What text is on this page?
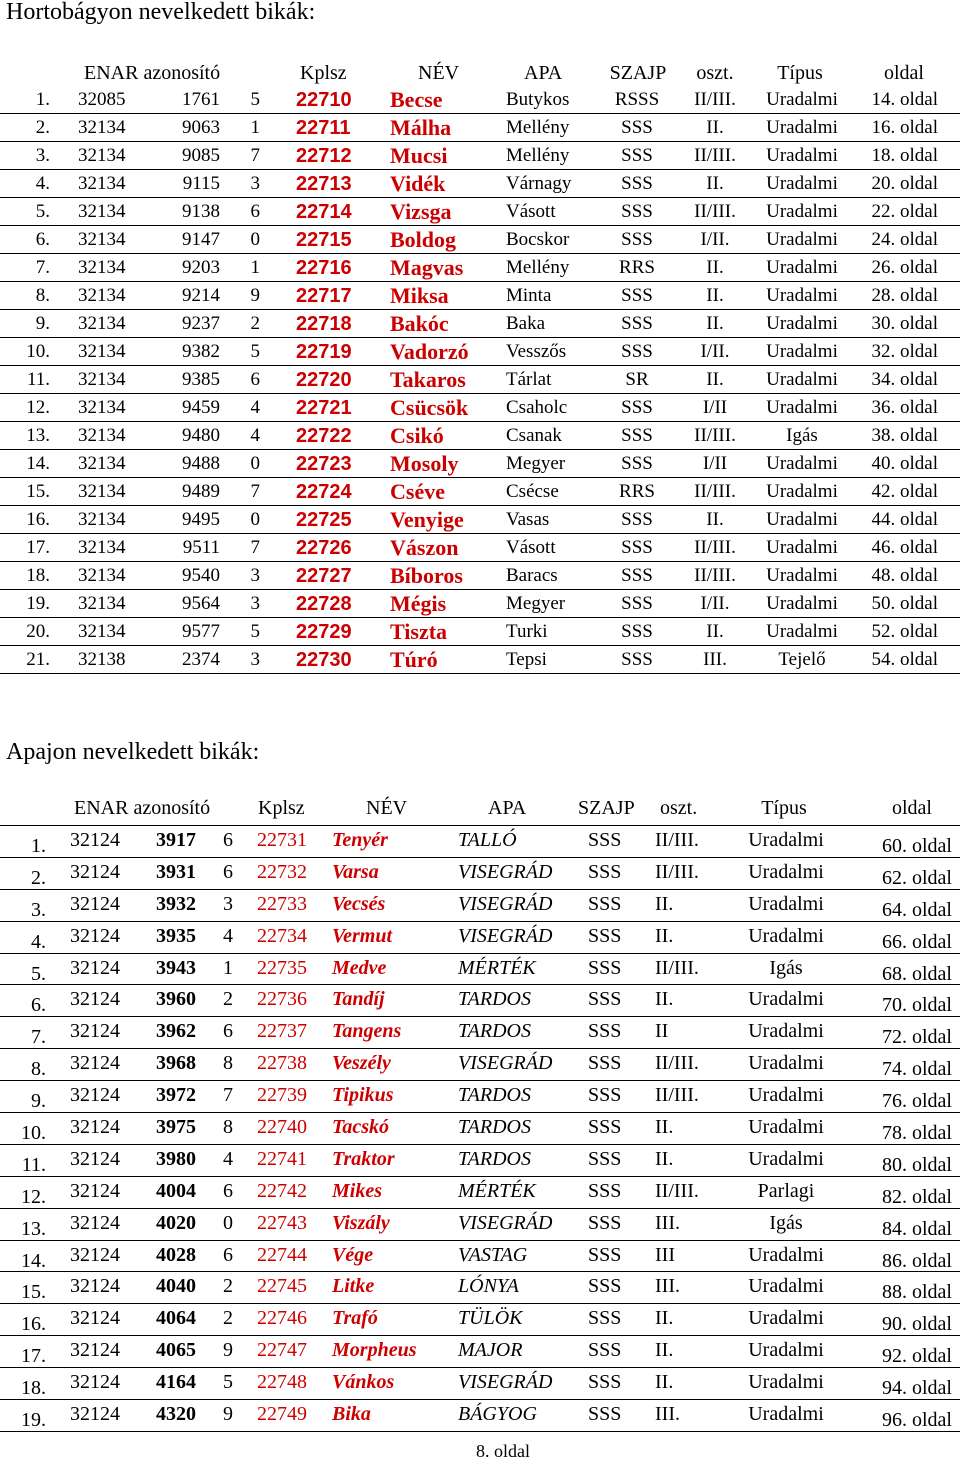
Hortobágyon nevelkedett bikák:
ENAR azonosító	Kplsz	NÉV	APA	SZAJP	oszt.	Típus	oldal
1. 32085	1761	5 22710	Becse	Butykos	RSSS	II/III.	Uradalmi	14. oldal
2. 32134	9063	1 22711	Málha	Mellény	SSS	II.	Uradalmi	16. oldal
3. 32134	9085	7 22712	Mucsi	Mellény	SSS	II/III.	Uradalmi	18. oldal
4. 32134	9115	3 22713	Vidék	Várnagy	SSS	II.	Uradalmi	20. oldal
5. 32134	9138	6 22714	Vizsga	Vásott	SSS	II/III.	Uradalmi	22. oldal
6. 32134	9147	0 22715	Boldog	Bocskor	SSS	I/II.	Uradalmi	24. oldal
7. 32134	9203	1 22716	Magvas	Mellény	RRS	II.	Uradalmi	26. oldal
8. 32134	9214	9 22717	Miksa	Minta	SSS	II.	Uradalmi	28. oldal
9. 32134	9237	2 22718	Bakóc	Baka	SSS	II.	Uradalmi	30. oldal
10. 32134	9382	5 22719	Vadorzó	Vesszős	SSS	I/II.	Uradalmi	32. oldal
11. 32134	9385	6 22720	Takaros	Tárlat	SR	II.	Uradalmi	34. oldal
12. 32134	9459	4 22721	Csücsök	Csaholc	SSS	I/II	Uradalmi	36. oldal
13. 32134	9480	4 22722	Csikó	Csanak	SSS	II/III.	Igás	38. oldal
14. 32134	9488	0 22723	Mosoly	Megyer	SSS	I/II	Uradalmi	40. oldal
15. 32134	9489	7 22724	Cséve	Csécse	RRS	II/III.	Uradalmi	42. oldal
16. 32134	9495	0 22725	Venyige	Vasas	SSS	II.	Uradalmi	44. oldal
17. 32134	9511	7 22726	Vászon	Vásott	SSS	II/III.	Uradalmi	46. oldal
18. 32134	9540	3 22727	Bíboros	Baracs	SSS	II/III.	Uradalmi	48. oldal
19. 32134	9564	3 22728	Mégis	Megyer	SSS	I/II.	Uradalmi	50. oldal
20. 32134	9577	5 22729	Tiszta	Turki	SSS	II.	Uradalmi	52. oldal
21. 32138	2374	3 22730	Túró	Tepsi	SSS	III.	Tejelő	54. oldal
Apajon nevelkedett bikák:
ENAR azonosító	Kplsz	NÉV	APA	SZAJP	oszt.	Típus	oldal
1. 32124	3917 6 22731	Tenyér	TALLÓ	SSS	II/III.	Uradalmi	60. oldal
2. 32124	3931 6 22732	Varsa	VISEGRÁD	SSS	II/III.	Uradalmi	62. oldal
3. 32124	3932 3 22733	Vecsés	VISEGRÁD	SSS	II.	Uradalmi	64. oldal
4. 32124	3935 4 22734	Vermut	VISEGRÁD	SSS	II.	Uradalmi	66. oldal
5. 32124	3943 1 22735	Medve	MÉRTÉK	SSS	II/III.	Igás	68. oldal
6. 32124	3960 2 22736	Tandíj	TARDOS	SSS	II.	Uradalmi	70. oldal
7. 32124	3962 6 22737	Tangens	TARDOS	SSS	II	Uradalmi	72. oldal
8. 32124	3968 8 22738	Veszély	VISEGRÁD	SSS	II/III.	Uradalmi	74. oldal
9. 32124	3972 7 22739	Tipikus	TARDOS	SSS	II/III.	Uradalmi	76. oldal
10. 32124	3975 8 22740	Tacskó	TARDOS	SSS	II.	Uradalmi	78. oldal
11. 32124	3980 4 22741	Traktor	TARDOS	SSS	II.	Uradalmi	80. oldal
12. 32124	4004 6 22742	Mikes	MÉRTÉK	SSS	II/III.	Parlagi	82. oldal
13. 32124	4020 0 22743	Viszály	VISEGRÁD	SSS	III.	Igás	84. oldal
14. 32124	4028 6 22744	Vége	VASTAG	SSS	III	Uradalmi	86. oldal
15. 32124	4040 2 22745	Litke	LÓNYA	SSS	III.	Uradalmi	88. oldal
16. 32124	4064 2 22746	Trafó	TÜLÖK	SSS	II.	Uradalmi	90. oldal
17. 32124	4065 9 22747	Morpheus	MAJOR	SSS	II.	Uradalmi	92. oldal
18. 32124	4164 5 22748	Vánkos	VISEGRÁD	SSS	II.	Uradalmi	94. oldal
19. 32124	4320 9 22749	Bika	BÁGYOG	SSS	III.	Uradalmi	96. oldal
8. oldal
